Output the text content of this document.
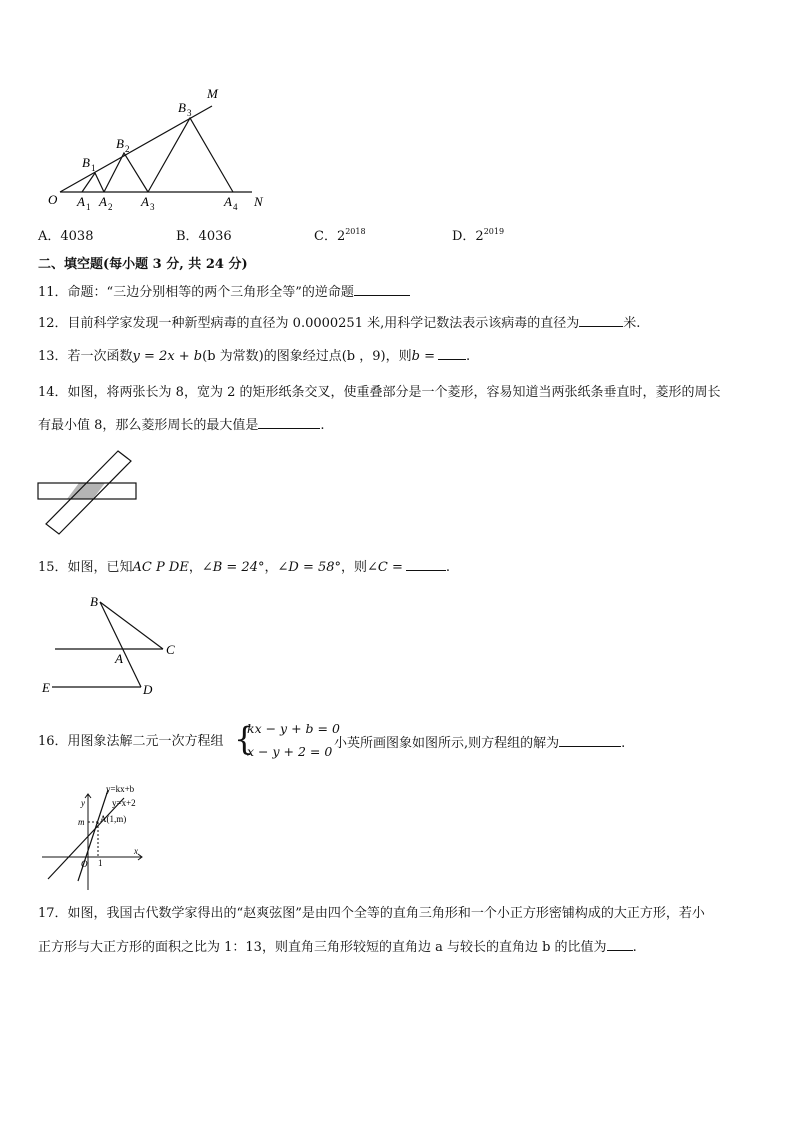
O	N
M
B 1
B 2
B 3
A 1 A 2 A 3	A 4
A．4038	B．4036	C．$2^{2018}$	D．$2^{2019}$
二、填空题(每小题 3 分, 共 24 分)
11．命题：“三边分别相等的两个三角形全等”的逆命题
12．目前科学家发现一种新型病毒的直径为 0.0000251 米,用科学记数法表示该病毒的直径为	米.
13．若一次函数y = 2x + b(b 为常数)的图象经过点(b ，9)，则b = .
14．如图，将两张长为 8，宽为 2 的矩形纸条交叉，使重叠部分是一个菱形，容易知道当两张纸条垂直时，菱形的周长
有最小值 8，那么菱形周长的最大值是	.
15．如图，已知AC P DE，∠B = 24°，∠D = 58°，则∠C =	.
B
C
A
E	D
16．用图象法解二元一次方程组 {
kx − y + b = 0
x − y + 2 = 0
小英所画图象如图所示,则方程组的解为	.
y=kx+b
y=x+2
y
x
m
O 1
A(1,m)
17．如图，我国古代数学家得出的“赵爽弦图”是由四个全等的直角三角形和一个小正方形密铺构成的大正方形，若小
正方形与大正方形的面积之比为 1：13，则直角三角形较短的直角边 a 与较长的直角边 b 的比值为 .
